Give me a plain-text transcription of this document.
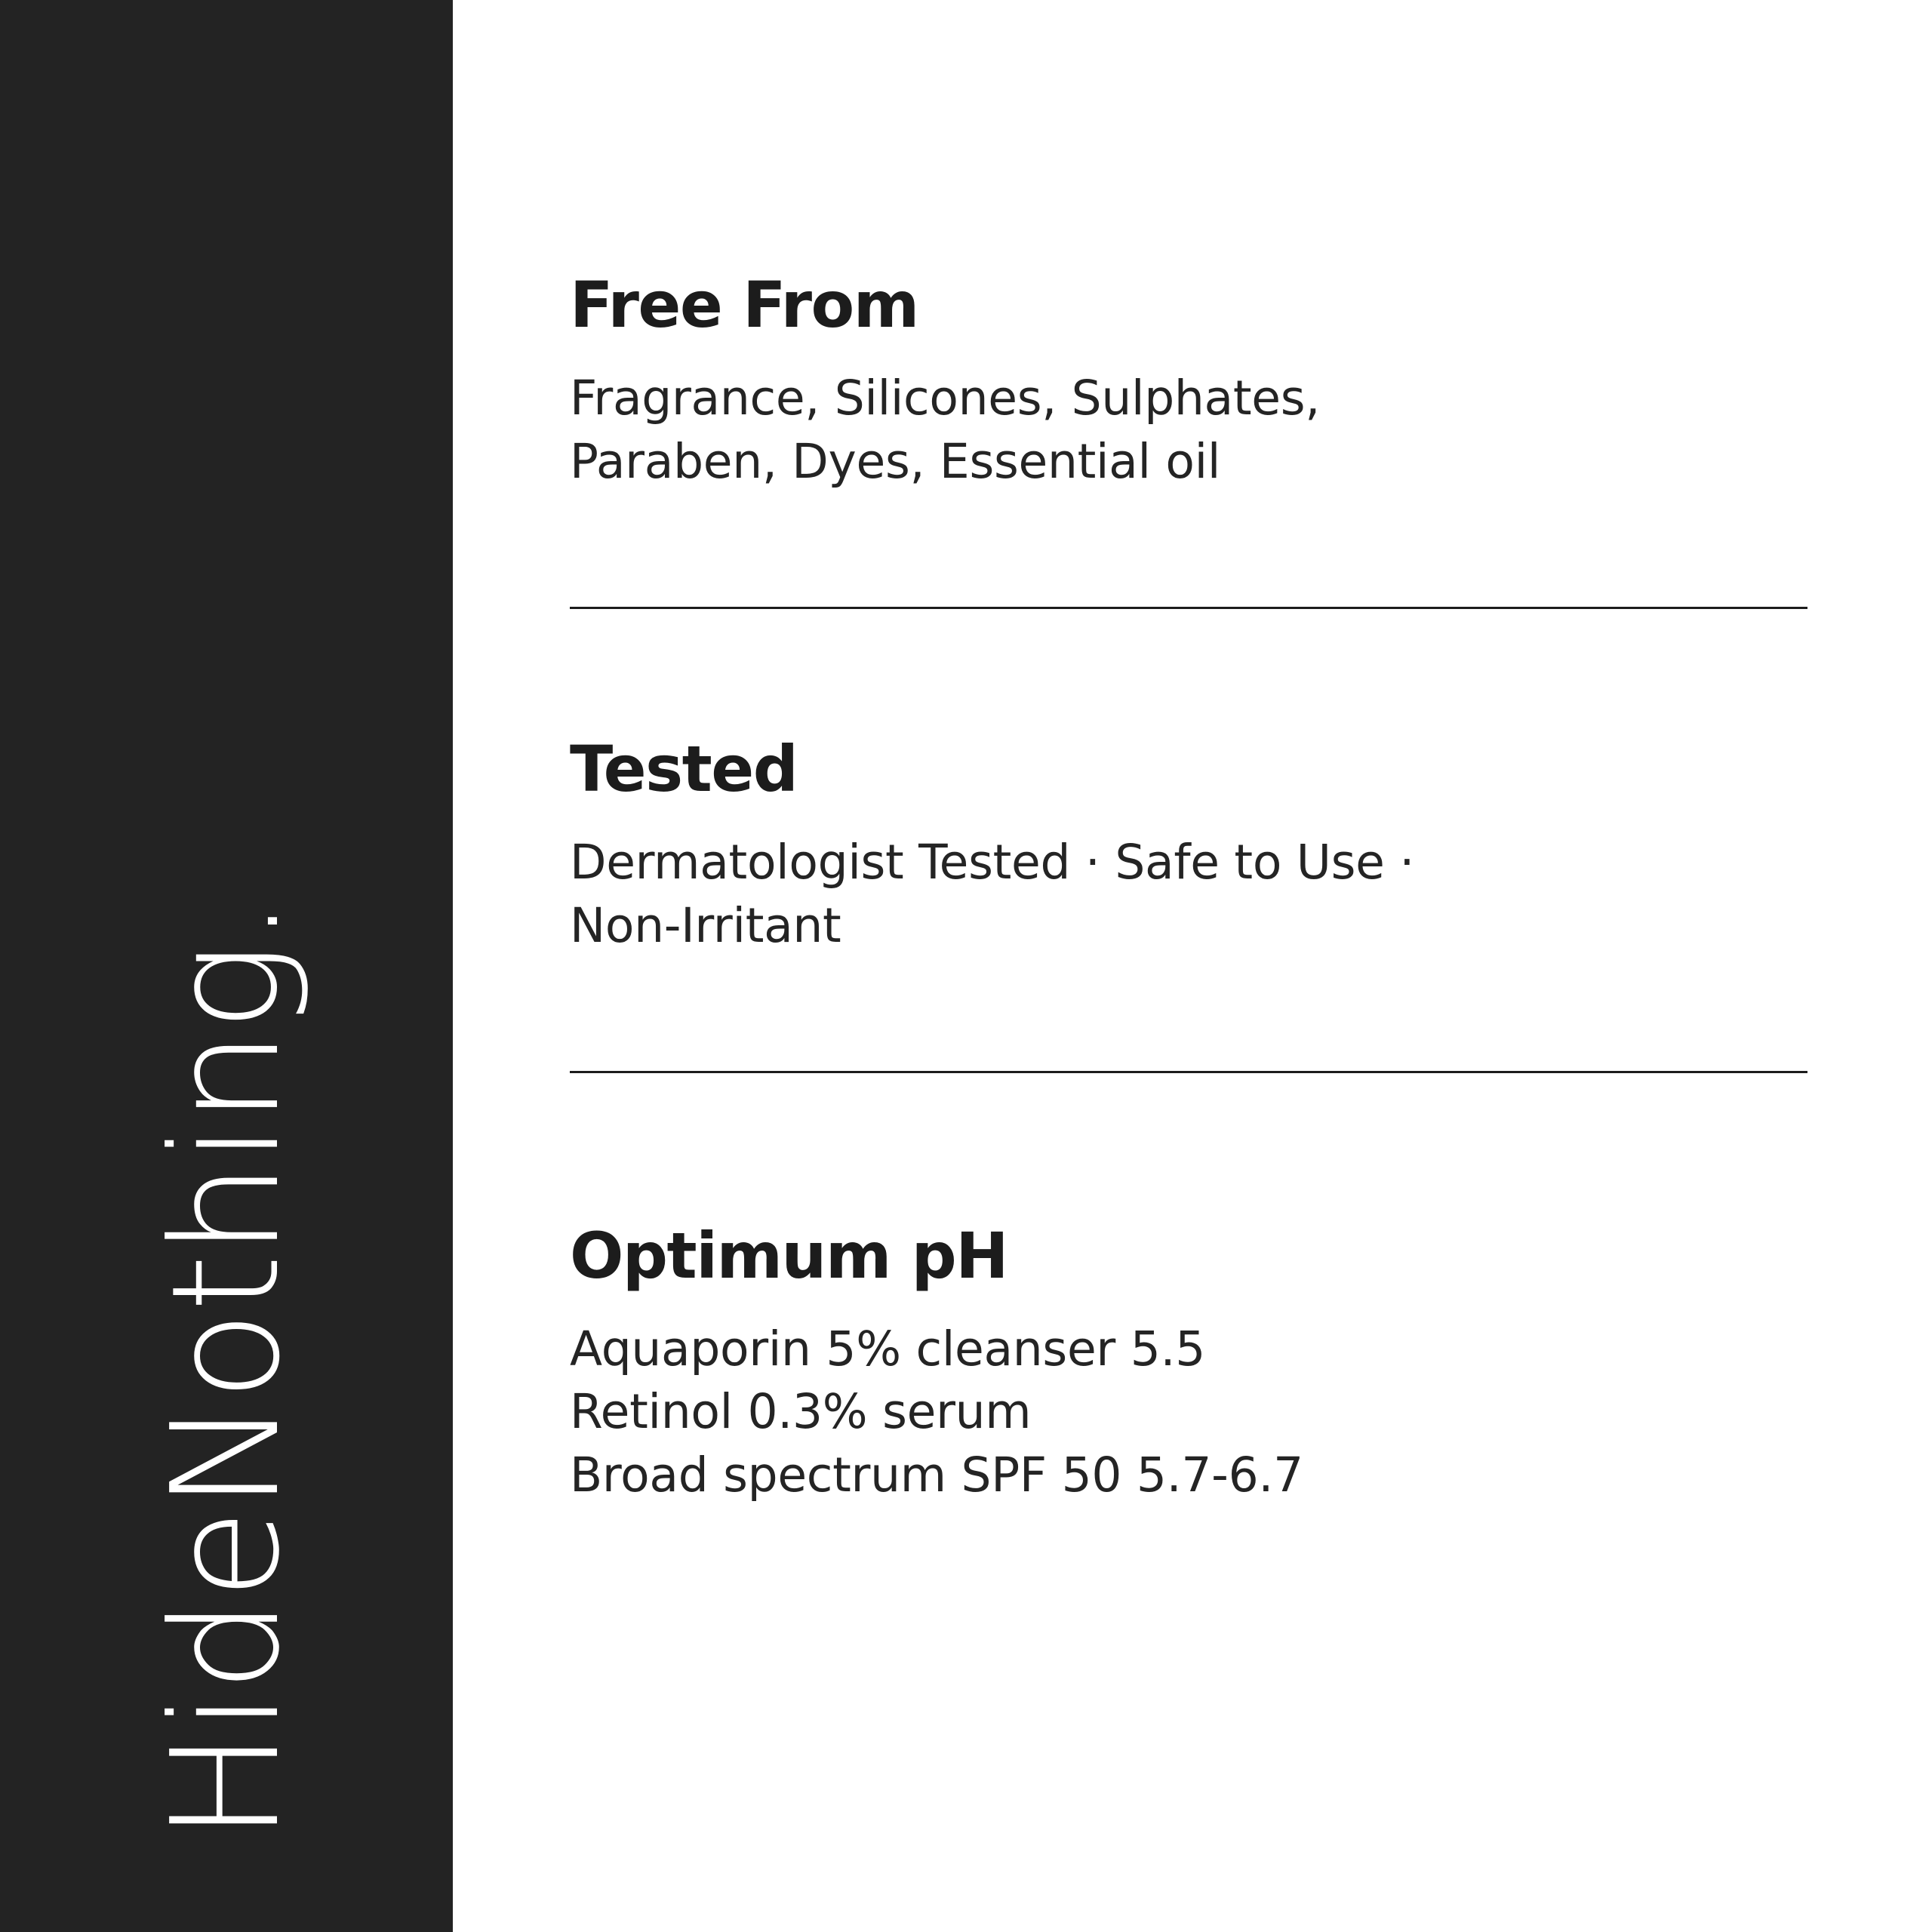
HideNothing.
Free From

Fragrance, Silicones, Sulphates,
Paraben, Dyes, Essential oil

Tested

Dermatologist Tested · Safe to Use ·
Non-Irritant

Optimum pH

Aquaporin 5% cleanser 5.5
Retinol 0.3% serum
Broad spectrum SPF 50 5.7-6.7
